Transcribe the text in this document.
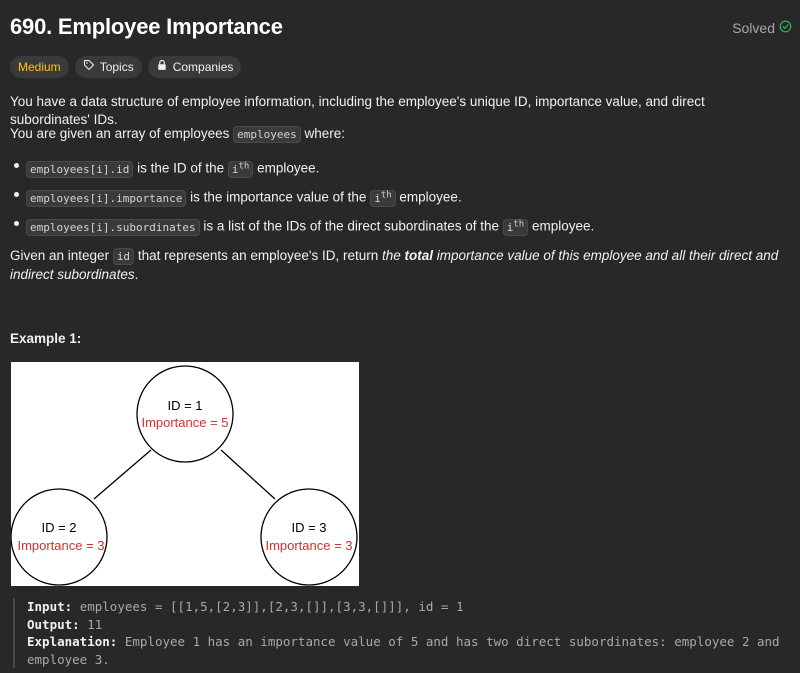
690. Employee Importance	Solved
Medium	Topics	Companies
You have a data structure of employee information, including the employee's unique ID, importance value, and direct subordinates' IDs.
You are given an array of employees employees where:
employees[i].id is the ID of the $i^{th}$ employee.
employees[i].importance is the importance value of the $i^{th}$ employee.
employees[i].subordinates is a list of the IDs of the direct subordinates of the $i^{th}$ employee.
Given an integer id that represents an employee's ID, return the total importance value of this employee and all their direct and indirect subordinates.
Example 1:
ID = 1
Importance = 5
ID = 2
Importance = 3
ID = 3
Importance = 3
Input: employees = [[1,5,[2,3]],[2,3,[]],[3,3,[]]], id = 1
Output: 11
Explanation: Employee 1 has an importance value of 5 and has two direct subordinates: employee 2 and employee 3.
